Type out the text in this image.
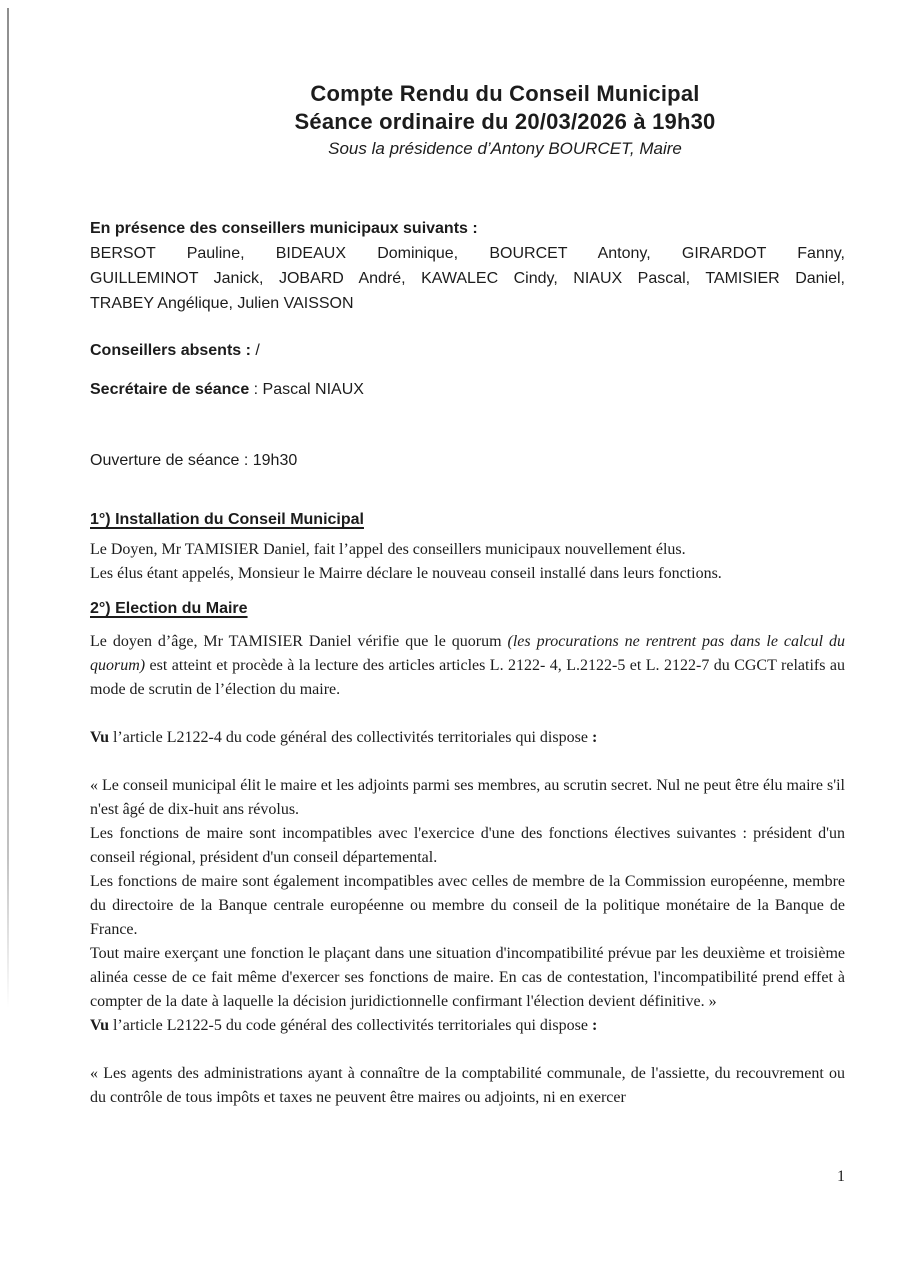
Compte Rendu du Conseil Municipal
Séance ordinaire du 20/03/2026 à 19h30
Sous la présidence d’Antony BOURCET, Maire
En présence des conseillers municipaux suivants :
BERSOT Pauline, BIDEAUX Dominique, BOURCET Antony, GIRARDOT Fanny,
GUILLEMINOT Janick, JOBARD André, KAWALEC Cindy, NIAUX Pascal, TAMISIER Daniel,
TRABEY Angélique, Julien VAISSON
Conseillers absents : /
Secrétaire de séance : Pascal NIAUX
Ouverture de séance : 19h30
1°) Installation du Conseil Municipal
Le Doyen, Mr TAMISIER Daniel, fait l’appel des conseillers municipaux nouvellement élus.
Les élus étant appelés, Monsieur le Mairre déclare le nouveau conseil installé dans leurs fonctions.
2°) Election du Maire

Le doyen d’âge, Mr TAMISIER Daniel vérifie que le quorum (les procurations ne rentrent pas dans le calcul du quorum) est atteint et procède à la lecture des articles articles L. 2122- 4, L.2122-5 et L. 2122-7 du CGCT relatifs au mode de scrutin de l’élection du maire.

Vu l’article L2122-4 du code général des collectivités territoriales qui dispose :

« Le conseil municipal élit le maire et les adjoints parmi ses membres, au scrutin secret. Nul ne peut être élu maire s'il n'est âgé de dix-huit ans révolus.

Les fonctions de maire sont incompatibles avec l'exercice d'une des fonctions électives suivantes : président d'un conseil régional, président d'un conseil départemental.

Les fonctions de maire sont également incompatibles avec celles de membre de la Commission européenne, membre du directoire de la Banque centrale européenne ou membre du conseil de la politique monétaire de la Banque de France.

Tout maire exerçant une fonction le plaçant dans une situation d'incompatibilité prévue par les deuxième et troisième alinéa cesse de ce fait même d'exercer ses fonctions de maire. En cas de contestation, l'incompatibilité prend effet à compter de la date à laquelle la décision juridictionnelle confirmant l'élection devient définitive. »

Vu l’article L2122-5 du code général des collectivités territoriales qui dispose :

« Les agents des administrations ayant à connaître de la comptabilité communale, de l'assiette, du recouvrement ou du contrôle de tous impôts et taxes ne peuvent être maires ou adjoints, ni en exercer

1
